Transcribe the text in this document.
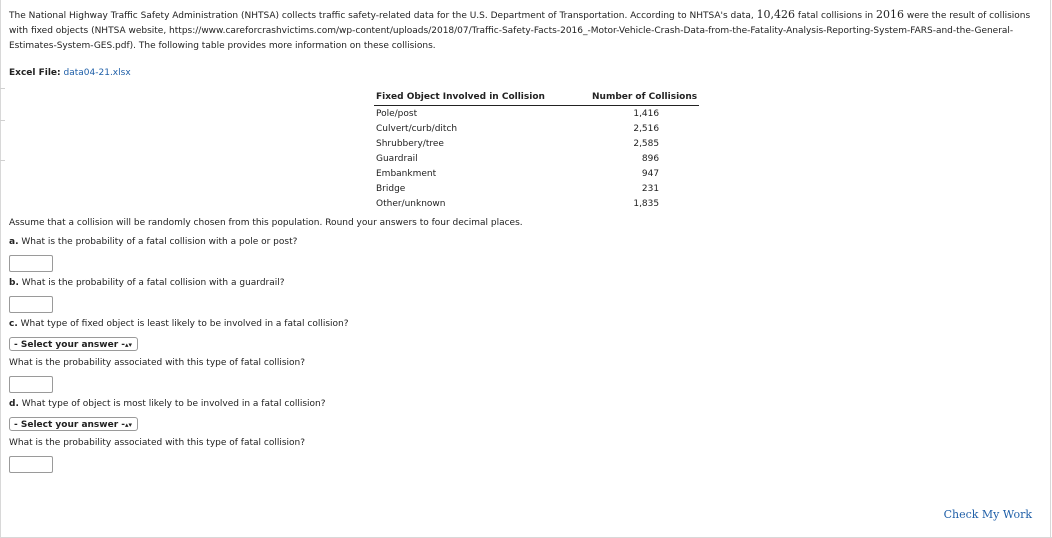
The National Highway Traffic Safety Administration (NHTSA) collects traffic safety-related data for the U.S. Department of Transportation. According to NHTSA's data, 10,426 fatal collisions in 2016 were the result of collisions with fixed objects (NHTSA website, https://www.careforcrashvictims.com/wp-content/uploads/2018/07/Traffic-Safety-Facts-2016_-Motor-Vehicle-Crash-Data-from-the-Fatality-Analysis-Reporting-System-FARS-and-the-General-Estimates-System-GES.pdf). The following table provides more information on these collisions.
Excel File: data04-21.xlsx
Fixed Object Involved in Collision	Number of Collisions
Pole/post	1,416
Culvert/curb/ditch	2,516
Shrubbery/tree	2,585
Guardrail	896
Embankment	947
Bridge	231
Other/unknown	1,835
Assume that a collision will be randomly chosen from this population. Round your answers to four decimal places.
a. What is the probability of a fatal collision with a pole or post?
b. What is the probability of a fatal collision with a guardrail?
c. What type of fixed object is least likely to be involved in a fatal collision?
- Select your answer - ▴▾
What is the probability associated with this type of fatal collision?
d. What type of object is most likely to be involved in a fatal collision?
- Select your answer - ▴▾
What is the probability associated with this type of fatal collision?
Check My Work
